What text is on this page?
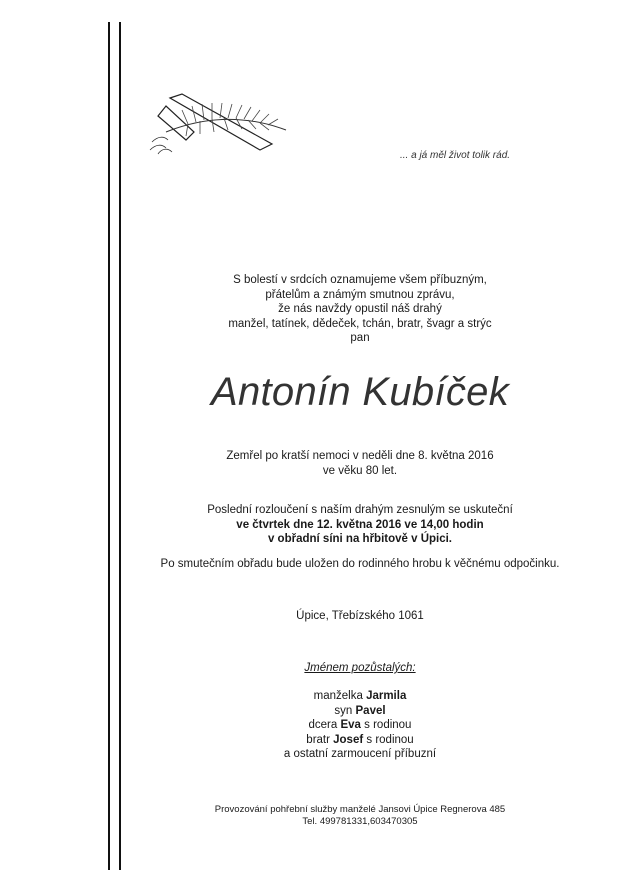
... a já měl život tolik rád.
S bolestí v srdcích oznamujeme všem příbuzným,
přátelům a známým smutnou zprávu,
že nás navždy opustil náš drahý
manžel, tatínek, dědeček, tchán, bratr, švagr a strýc
pan
Antonín Kubíček
Zemřel po kratší nemoci v neděli dne 8. května 2016
ve věku 80 let.
Poslední rozloučení s naším drahým zesnulým se uskuteční
ve čtvrtek dne 12. května 2016 ve 14,00 hodin
v obřadní síni na hřbitově v Úpici.
Po smutečním obřadu bude uložen do rodinného hrobu k věčnému odpočinku.
Úpice, Třebízského 1061
Jménem pozůstalých:
manželka Jarmila
syn Pavel
dcera Eva s rodinou
bratr Josef s rodinou
a ostatní zarmoucení příbuzní
Provozování pohřební služby manželé Jansovi Úpice Regnerova 485
Tel. 499781331,603470305
